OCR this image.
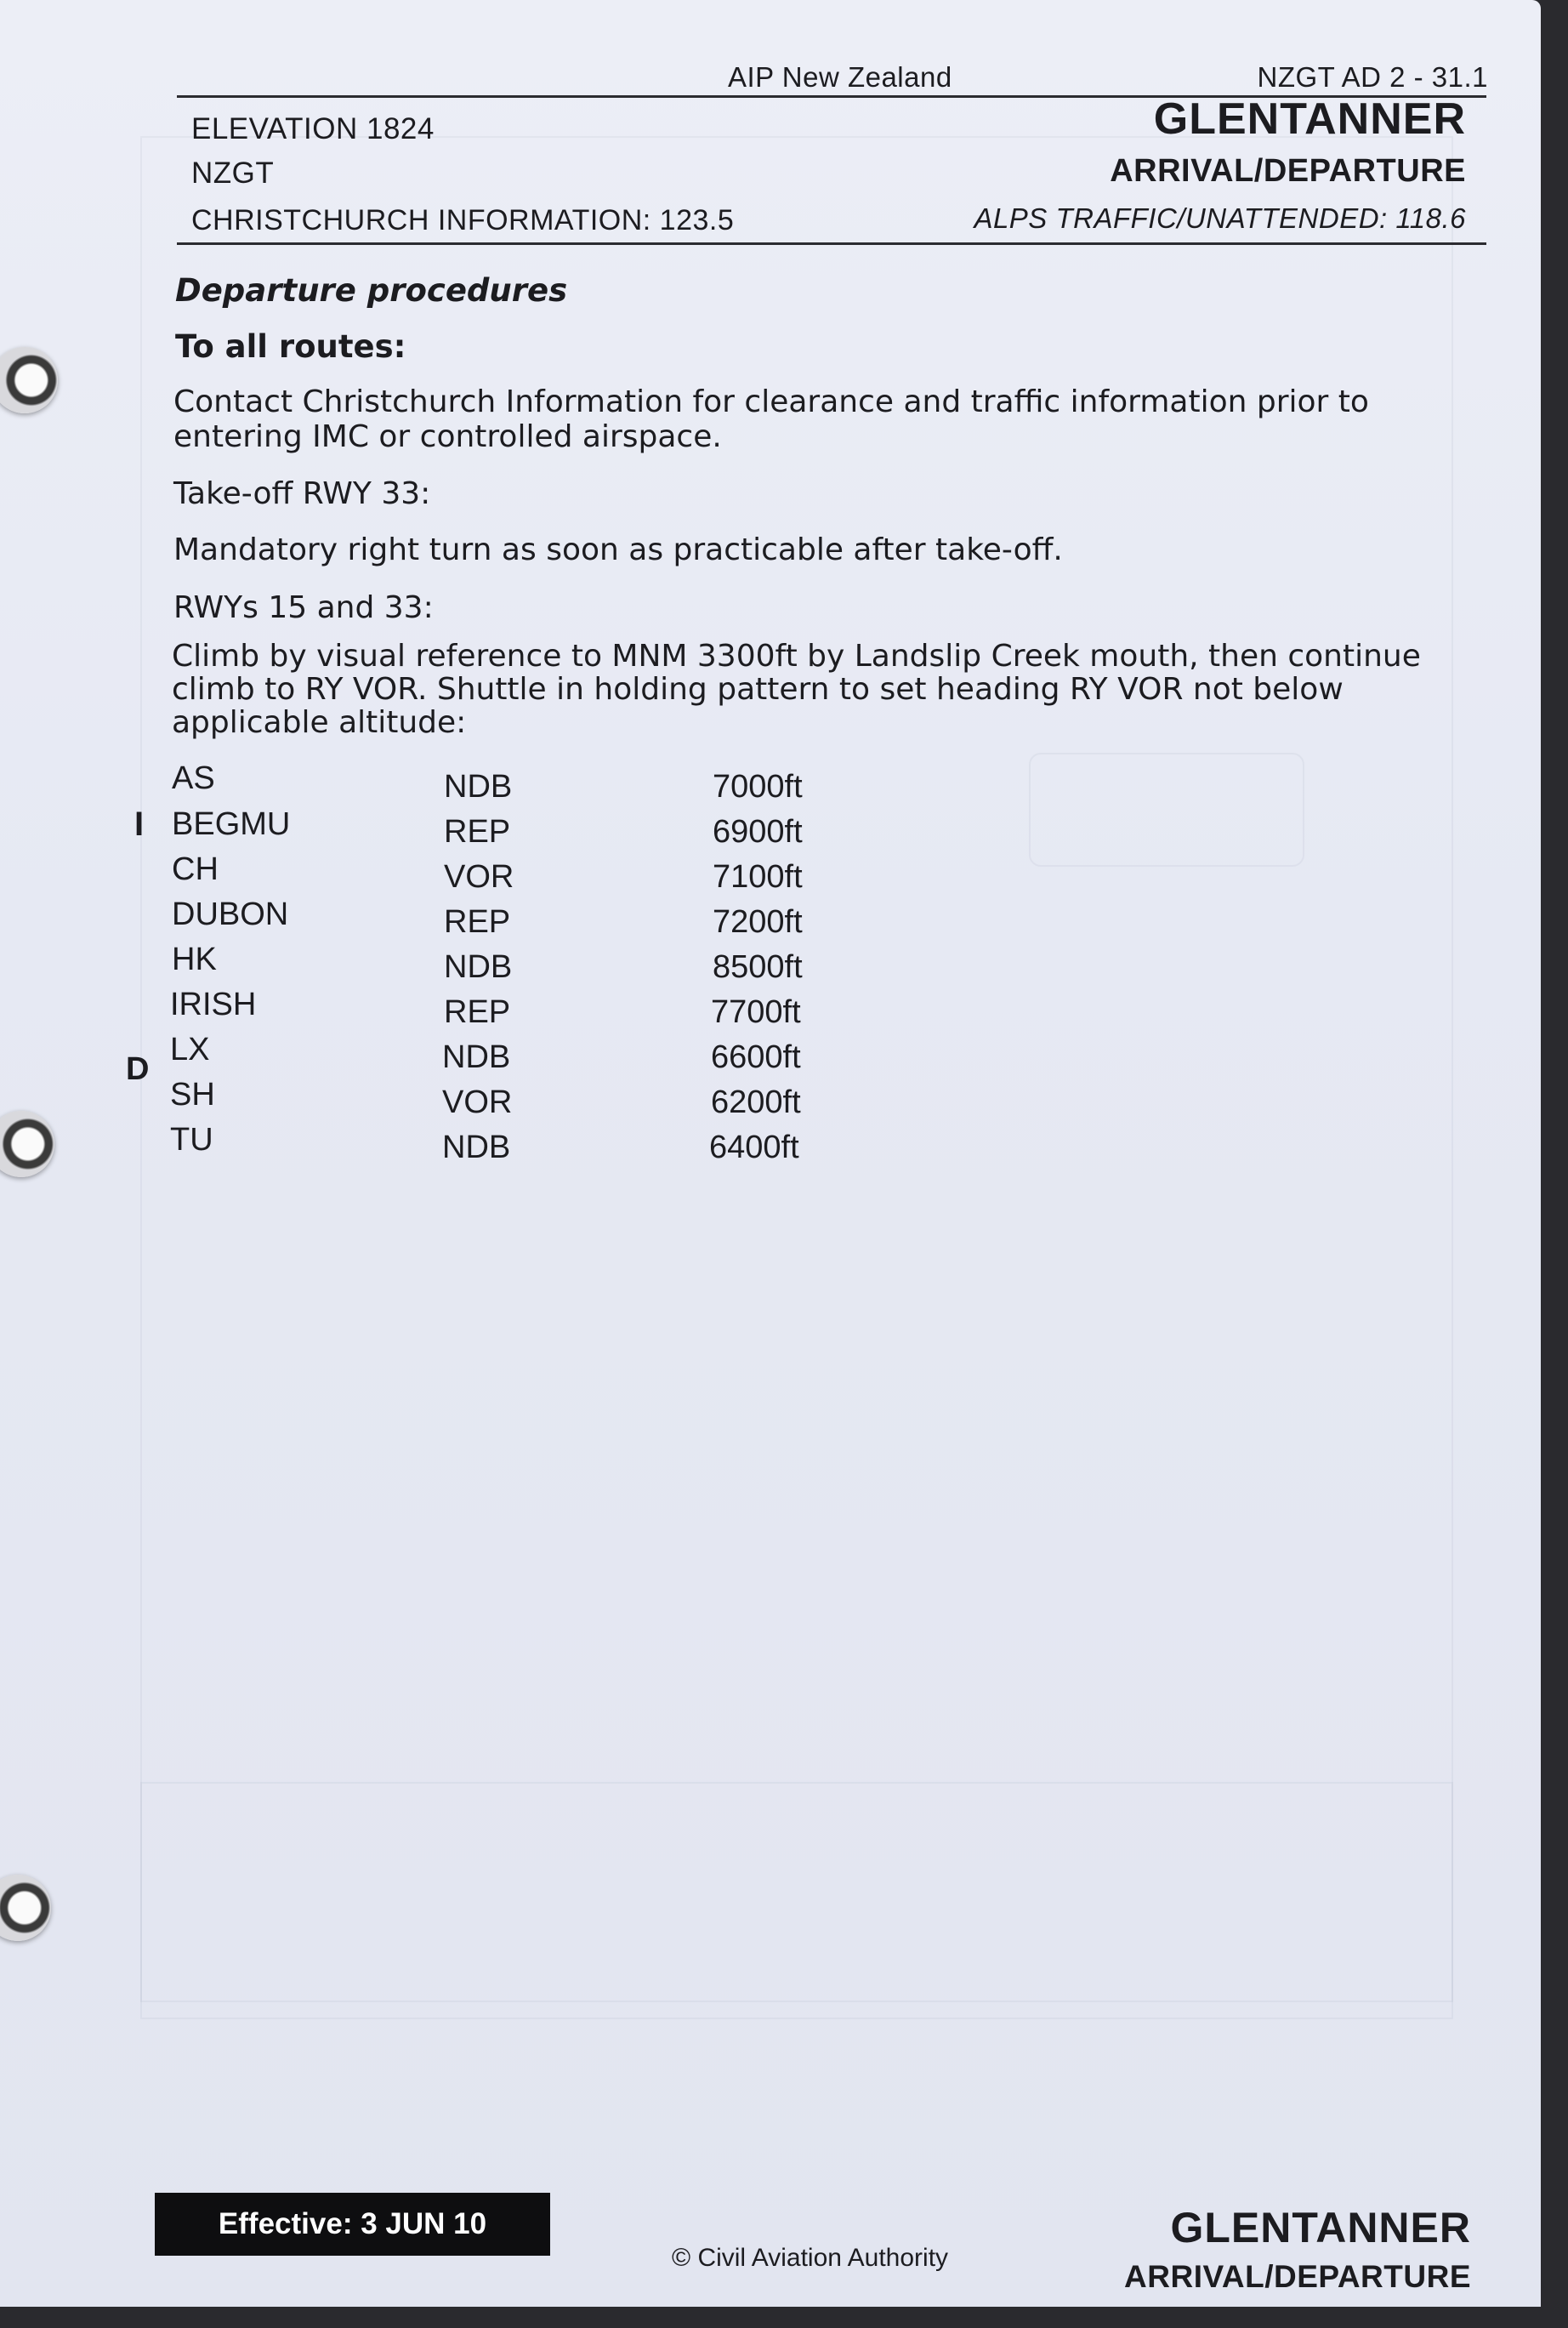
AIP New Zealand	NZGT AD 2 - 31.1
ELEVATION 1824
NZGT
CHRISTCHURCH INFORMATION: 123.5
GLENTANNER
ARRIVAL/DEPARTURE
ALPS TRAFFIC/UNATTENDED: 118.6
Departure procedures
To all routes:
Contact Christchurch Information for clearance and traffic information prior to
entering IMC or controlled airspace.
Take-off RWY 33:
Mandatory right turn as soon as practicable after take-off.
RWYs 15 and 33:
Climb by visual reference to MNM 3300ft by Landslip Creek mouth, then continue
climb to RY VOR. Shuttle in holding pattern to set heading RY VOR not below
applicable altitude:
AS	NDB	7000ft
BEGMU	REP	6900ft
CH	VOR	7100ft
DUBON	REP	7200ft
HK	NDB	8500ft
IRISH	REP	7700ft
LX	NDB	6600ft
SH	VOR	6200ft
TU	NDB	6400ft
I
D
Effective: 3 JUN 10
© Civil Aviation Authority
GLENTANNER
ARRIVAL/DEPARTURE
